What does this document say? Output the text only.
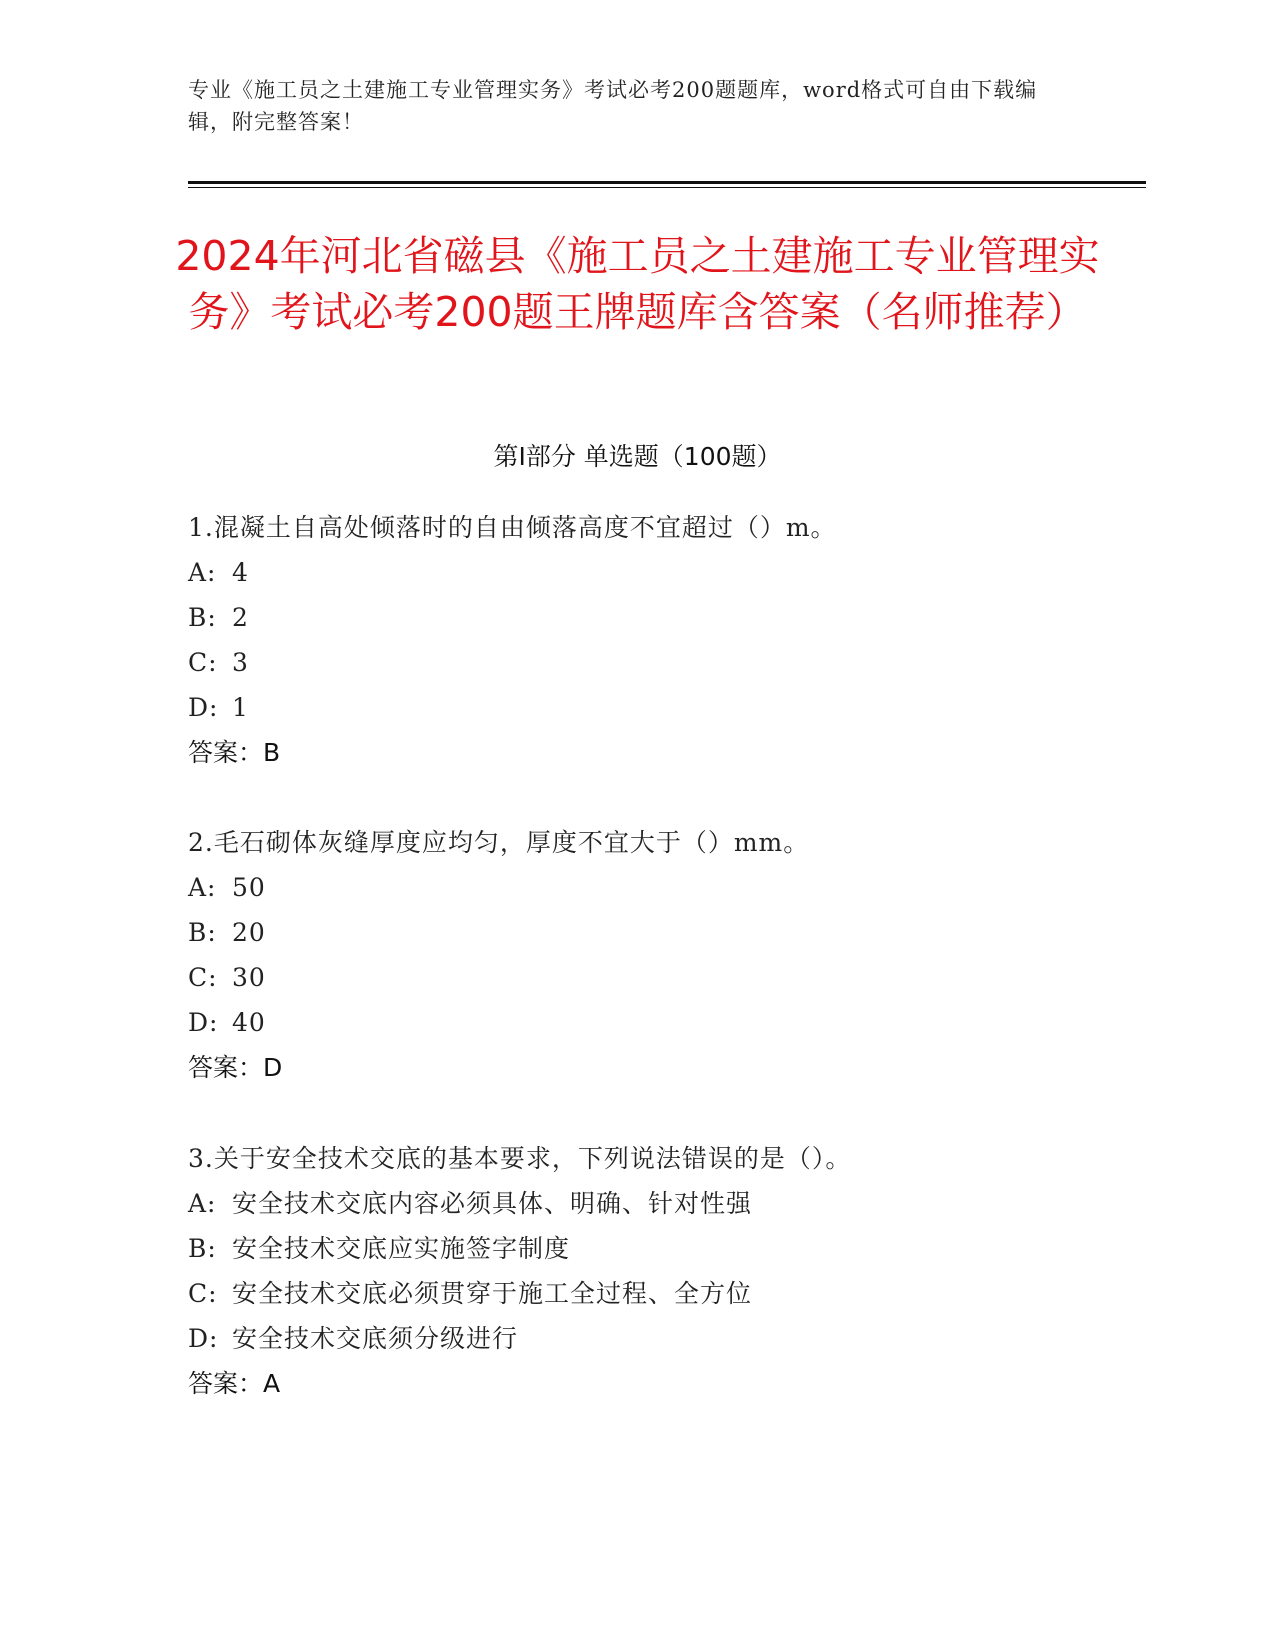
专业《施工员之土建施工专业管理实务》考试必考200题题库，word格式可自由下载编辑，附完整答案！
2024年河北省磁县《施工员之土建施工专业管理实务》考试必考200题王牌题库含答案（名师推荐）
第I部分 单选题（100题）
1.混凝土自高处倾落时的自由倾落高度不宜超过（）m。
A: 4
B: 2
C: 3
D: 1
答案：B
2.毛石砌体灰缝厚度应均匀，厚度不宜大于（）mm。
A: 50
B: 20
C: 30
D: 40
答案：D
3.关于安全技术交底的基本要求，下列说法错误的是（）。
A: 安全技术交底内容必须具体、明确、针对性强
B: 安全技术交底应实施签字制度
C: 安全技术交底必须贯穿于施工全过程、全方位
D: 安全技术交底须分级进行
答案：A
